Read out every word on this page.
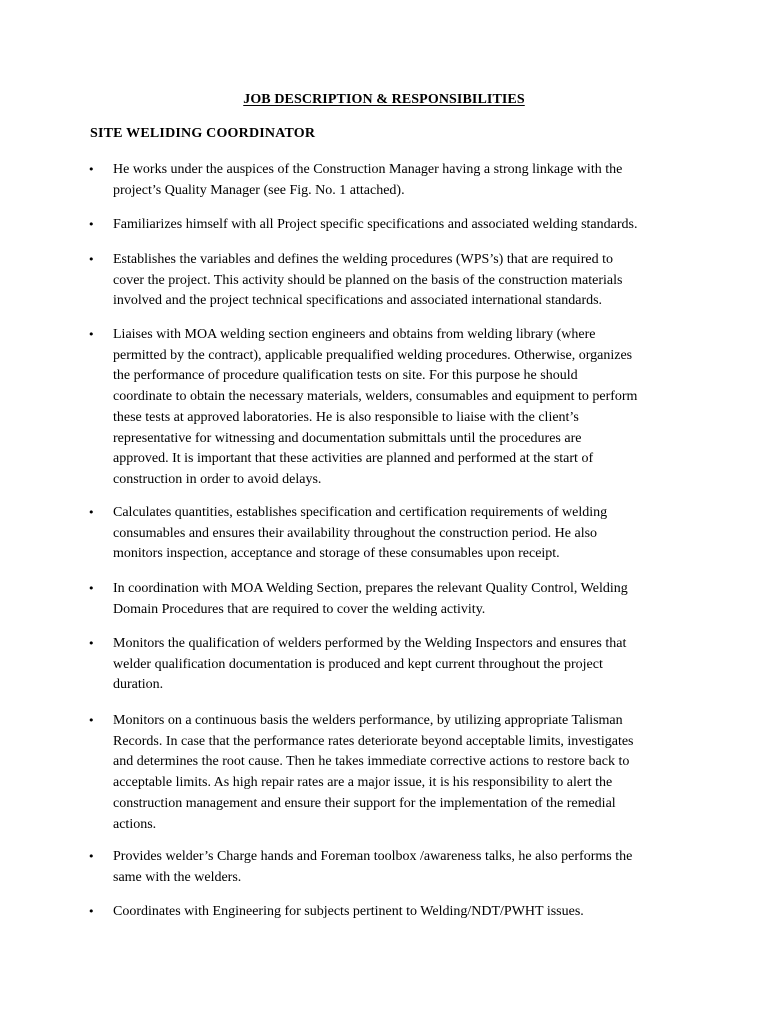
JOB DESCRIPTION & RESPONSIBILITIES
SITE WELIDING COORDINATOR
•	He works under the auspices of the Construction Manager having a strong linkage with the
project’s Quality Manager (see Fig. No. 1 attached).

•	Familiarizes himself with all Project specific specifications and associated welding standards.

•	Establishes the variables and defines the welding procedures (WPS’s) that are required to
cover the project. This activity should be planned on the basis of the construction materials
involved and the project technical specifications and associated international standards.

•	Liaises with MOA welding section engineers and obtains from welding library (where
permitted by the contract), applicable prequalified welding procedures. Otherwise, organizes
the performance of procedure qualification tests on site. For this purpose he should
coordinate to obtain the necessary materials, welders, consumables and equipment to perform
these tests at approved laboratories. He is also responsible to liaise with the client’s
representative for witnessing and documentation submittals until the procedures are
approved. It is important that these activities are planned and performed at the start of
construction in order to avoid delays.

•	Calculates quantities, establishes specification and certification requirements of welding
consumables and ensures their availability throughout the construction period. He also
monitors inspection, acceptance and storage of these consumables upon receipt.

•	In coordination with MOA Welding Section, prepares the relevant Quality Control, Welding
Domain Procedures that are required to cover the welding activity.

•	Monitors the qualification of welders performed by the Welding Inspectors and ensures that
welder qualification documentation is produced and kept current throughout the project
duration.

•	Monitors on a continuous basis the welders performance, by utilizing appropriate Talisman
Records. In case that the performance rates deteriorate beyond acceptable limits, investigates
and determines the root cause. Then he takes immediate corrective actions to restore back to
acceptable limits. As high repair rates are a major issue, it is his responsibility to alert the
construction management and ensure their support for the implementation of the remedial
actions.

•	Provides welder’s Charge hands and Foreman toolbox /awareness talks, he also performs the
same with the welders.

•	Coordinates with Engineering for subjects pertinent to Welding/NDT/PWHT issues.
